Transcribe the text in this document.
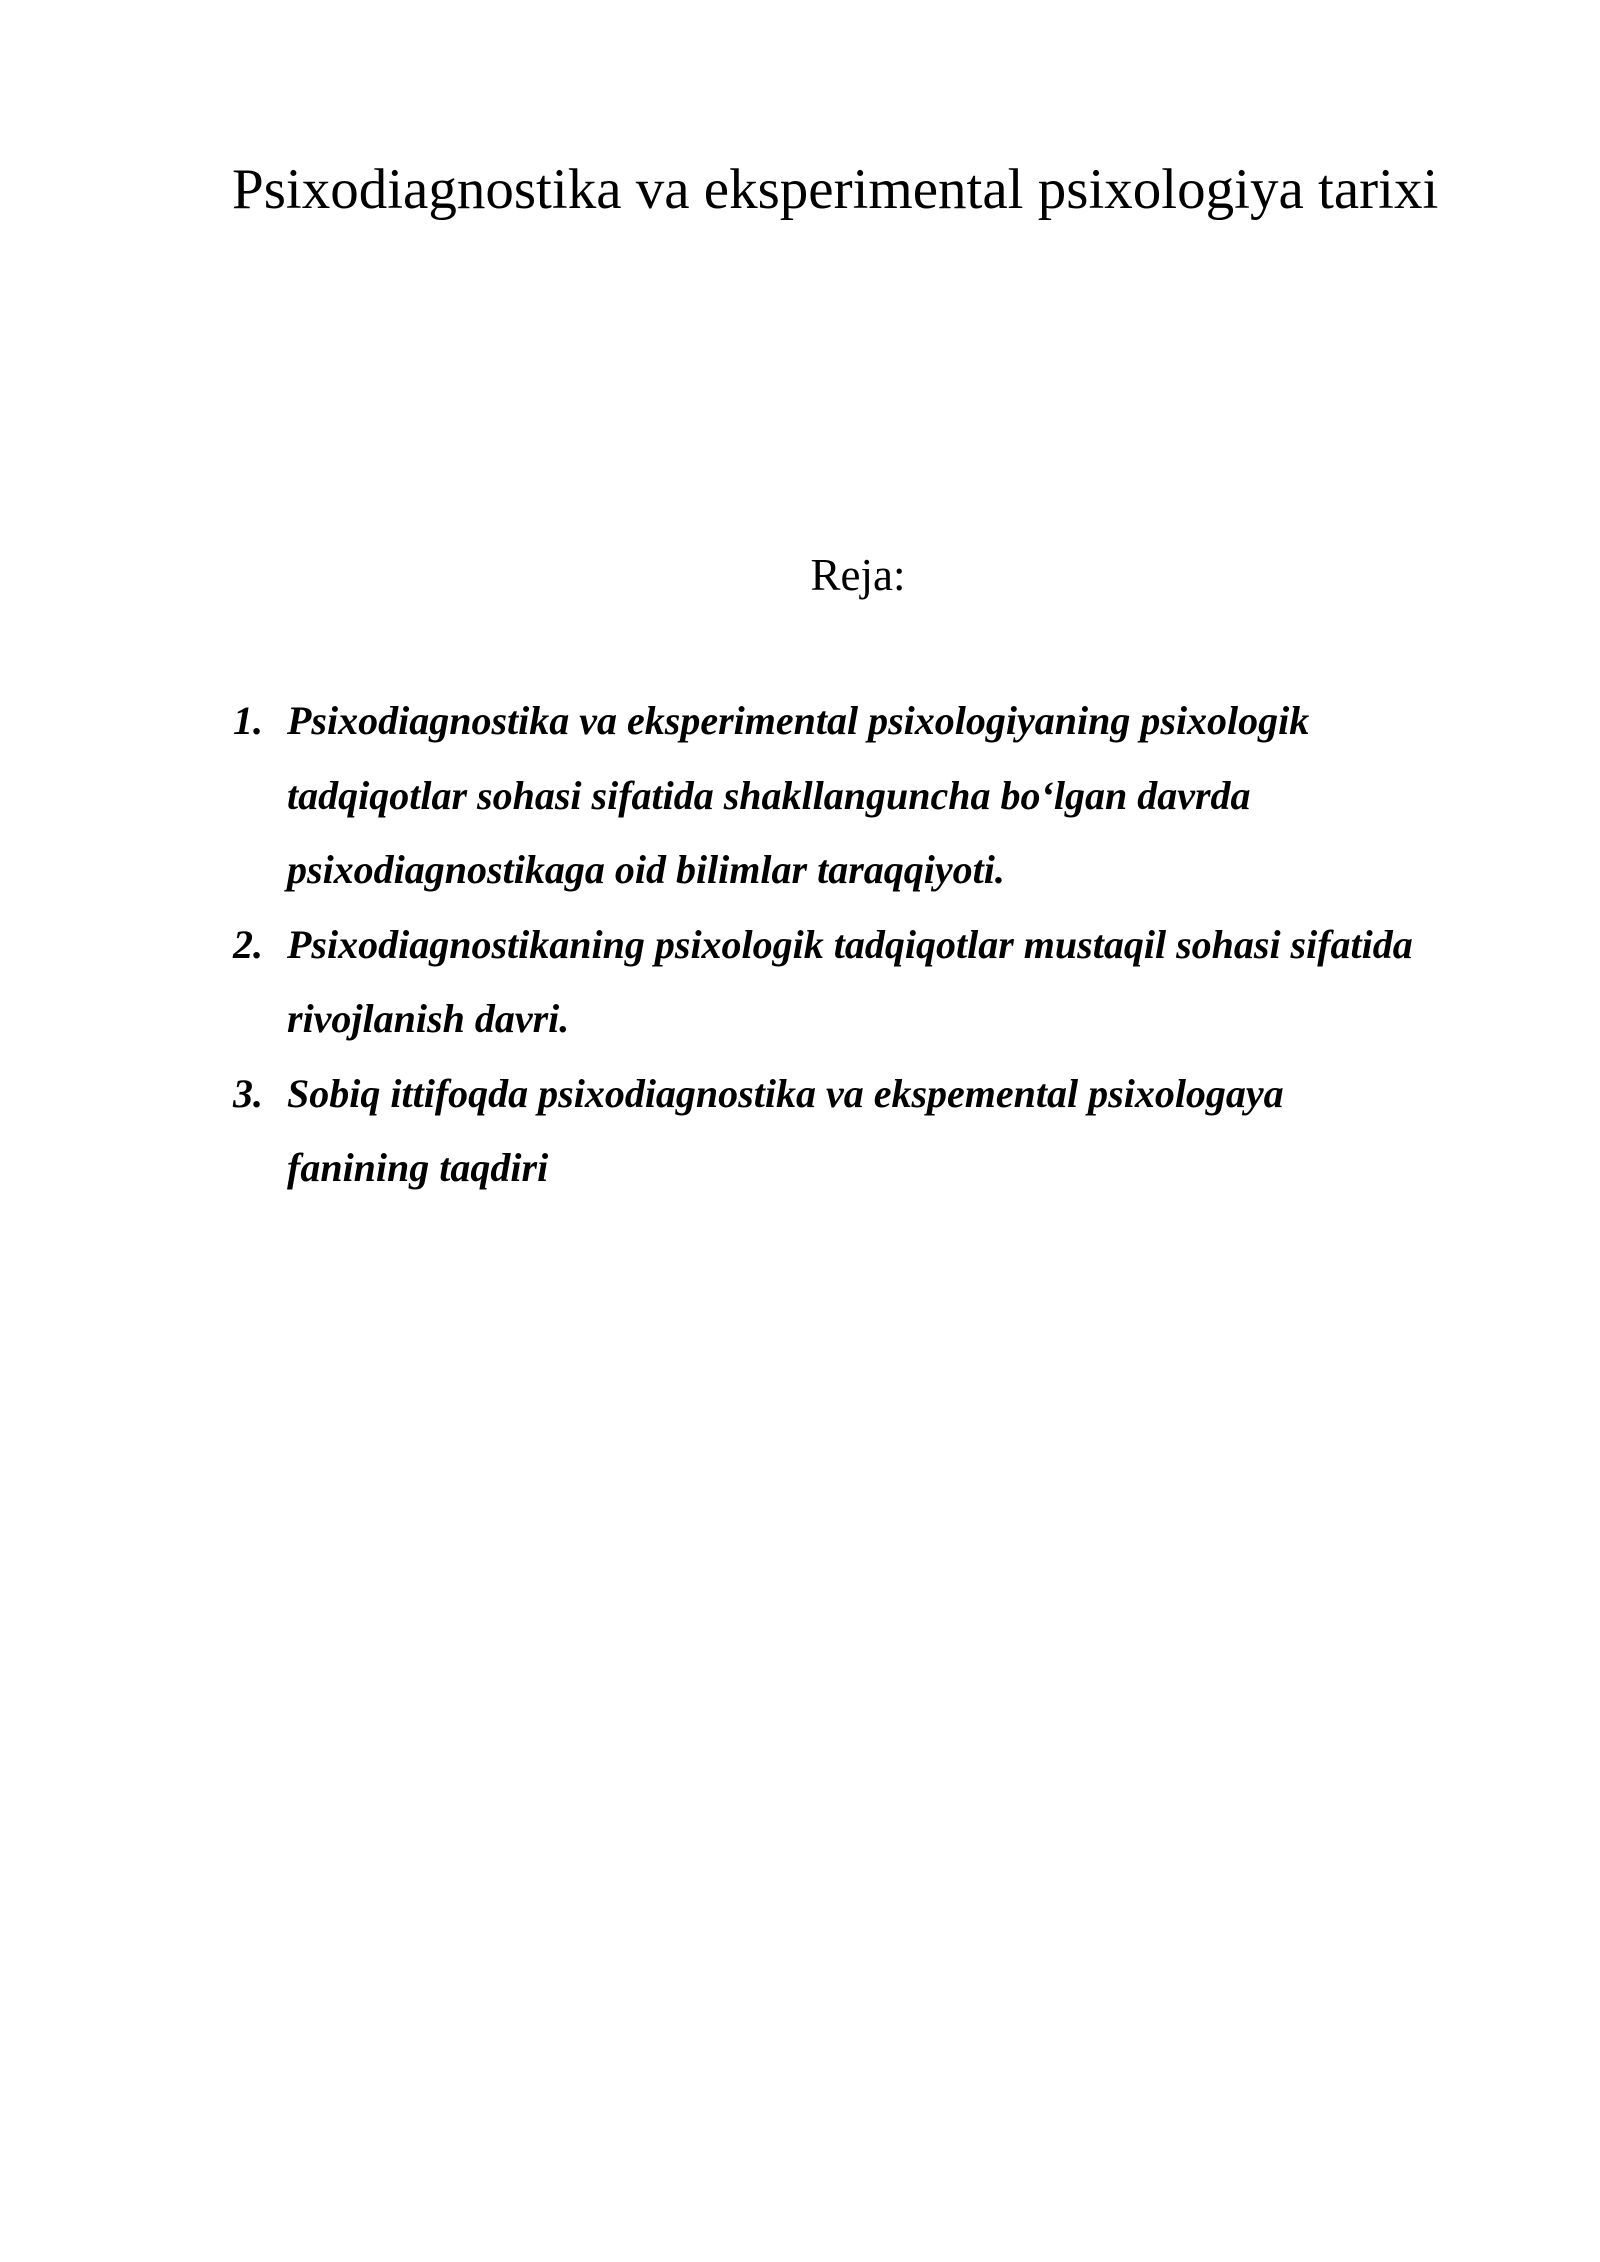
Psixodiagnostika va eksperimental psixologiya tarixi
Reja:
1. Psixodiagnostika va eksperimental psixologiyaning psixologik tadqiqotlar sohasi sifatida shakllanguncha bo‘lgan davrda psixodiagnostikaga oid bilimlar taraqqiyoti.
2. Psixodiagnostikaning psixologik tadqiqotlar mustaqil sohasi sifatida rivojlanish davri.
3. Sobiq ittifoqda psixodiagnostika va ekspemental psixologaya fanining taqdiri
